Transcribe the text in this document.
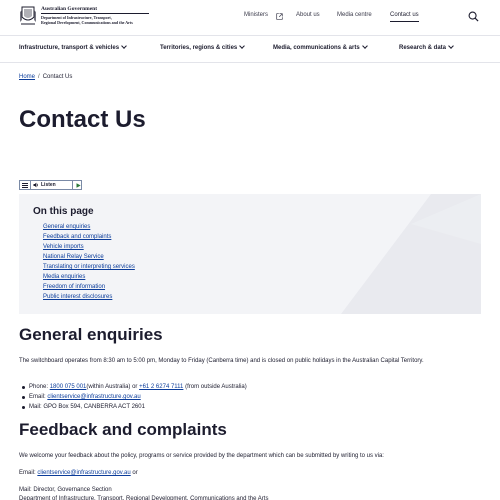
Australian Government
Department of Infrastructure, Transport,
Regional Development, Communications and the Arts
Ministers	About us	Media centre	Contact us
Infrastructure, transport & vehicles	Territories, regions & cities	Media, communications & arts	Research & data
Home / Contact Us
Contact Us
Listen
On this page
General enquiries
Feedback and complaints
Vehicle imports
National Relay Service
Translating or interpreting services
Media enquiries
Freedom of information
Public interest disclosures
General enquiries

The switchboard operates from 8:30 am to 5:00 pm, Monday to Friday (Canberra time) and is closed on public holidays in the Australian Capital Territory.

Phone: 1800 075 001(within Australia) or +61 2 6274 7111 (from outside Australia)
Email: clientservice@infrastructure.gov.au
Mail: GPO Box 594, CANBERRA ACT 2601
Feedback and complaints

We welcome your feedback about the policy, programs or service provided by the department which can be submitted by writing to us via:

Email: clientservice@infrastructure.gov.au or

Mail: Director, Governance Section

Department of Infrastructure, Transport, Regional Development, Communications and the Arts
